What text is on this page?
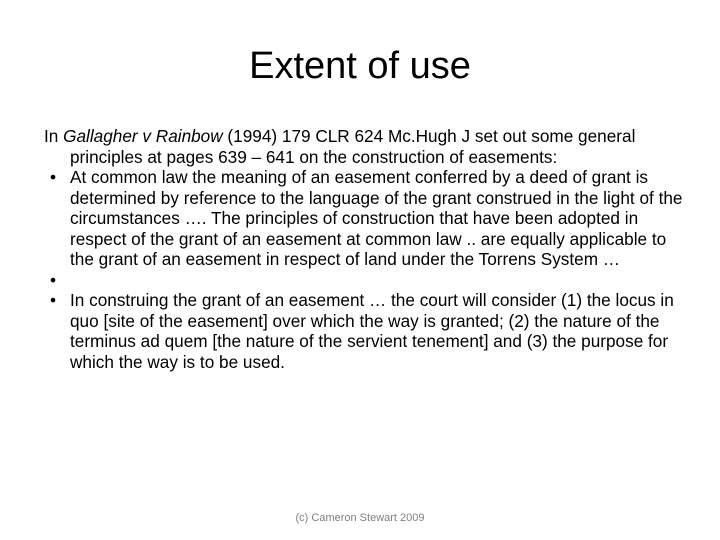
Extent of use

In Gallagher v Rainbow (1994) 179 CLR 624 Mc.Hugh J set out some general principles at pages 639 – 641 on the construction of easements:

• At common law the meaning of an easement conferred by a deed of grant is determined by reference to the language of the grant construed in the light of the circumstances …. The principles of construction that have been adopted in respect of the grant of an easement at common law .. are equally applicable to the grant of an easement in respect of land under the Torrens System …
•
• In construing the grant of an easement … the court will consider (1) the locus in quo [site of the easement] over which the way is granted; (2) the nature of the terminus ad quem [the nature of the servient tenement] and (3) the purpose for which the way is to be used.
(c) Cameron Stewart 2009
